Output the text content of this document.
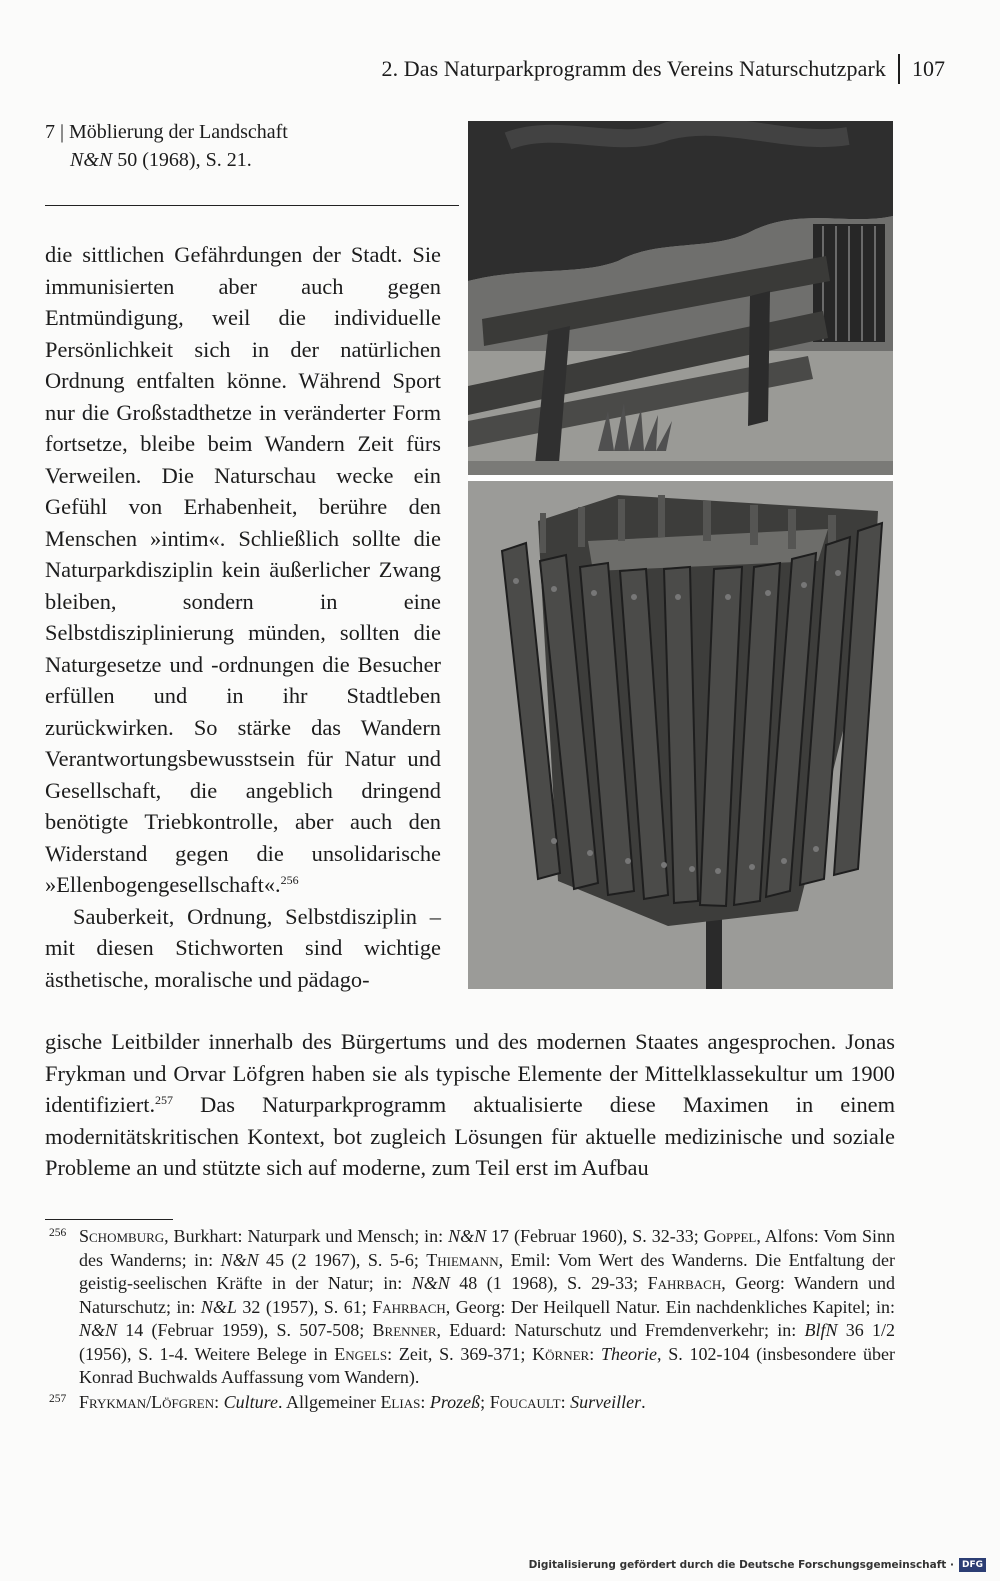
2. Das Naturparkprogramm des Vereins Naturschutzpark 107
7 | Möblierung der Landschaft
N&N 50 (1968), S. 21.

die sittlichen Gefährdungen der Stadt. Sie immunisierten aber auch gegen Entmündigung, weil die individuelle Persönlichkeit sich in der natürlichen Ordnung entfalten könne. Während Sport nur die Großstadthetze in veränderter Form fortsetze, bleibe beim Wandern Zeit fürs Verweilen. Die Naturschau wecke ein Gefühl von Erhabenheit, berühre den Menschen »intim«. Schließlich sollte die Naturparkdisziplin kein äußerlicher Zwang bleiben, sondern in eine Selbstdisziplinierung münden, sollten die Naturgesetze und -ordnungen die Besucher erfüllen und in ihr Stadtleben zurückwirken. So stärke das Wandern Verantwortungsbewusstsein für Natur und Gesellschaft, die angeblich dringend benötigte Triebkontrolle, aber auch den Widerstand gegen die unsolidarische »Ellenbogengesellschaft«.$^{256}$

Sauberkeit, Ordnung, Selbstdisziplin – mit diesen Stichworten sind wichtige ästhetische, moralische und pädago-

gische Leitbilder innerhalb des Bürgertums und des modernen Staates angesprochen. Jonas Frykman und Orvar Löfgren haben sie als typische Elemente der Mittelklassekultur um 1900 identifiziert.$^{257}$ Das Naturparkprogramm aktualisierte diese Maximen in einem modernitätskritischen Kontext, bot zugleich Lösungen für aktuelle medizinische und soziale Probleme an und stützte sich auf moderne, zum Teil erst im Aufbau

256 Schomburg, Burkhart: Naturpark und Mensch; in: N&N 17 (Februar 1960), S. 32-33; Goppel, Alfons: Vom Sinn des Wanderns; in: N&N 45 (2 1967), S. 5-6; Thiemann, Emil: Vom Wert des Wanderns. Die Entfaltung der geistig-seelischen Kräfte in der Natur; in: N&N 48 (1 1968), S. 29-33; Fahrbach, Georg: Wandern und Naturschutz; in: N&L 32 (1957), S. 61; Fahrbach, Georg: Der Heilquell Natur. Ein nachdenkliches Kapitel; in: N&N 14 (Februar 1959), S. 507-508; Brenner, Eduard: Naturschutz und Fremdenverkehr; in: BlfN 36 1/2 (1956), S. 1-4. Weitere Belege in Engels: Zeit, S. 369-371; Körner: Theorie, S. 102-104 (insbesondere über Konrad Buchwalds Auffassung vom Wandern).

257 Frykman/Löfgren: Culture. Allgemeiner Elias: Prozeß; Foucault: Surveiller.

Digitalisierung gefördert durch die Deutsche Forschungsgemeinschaft · DFG
